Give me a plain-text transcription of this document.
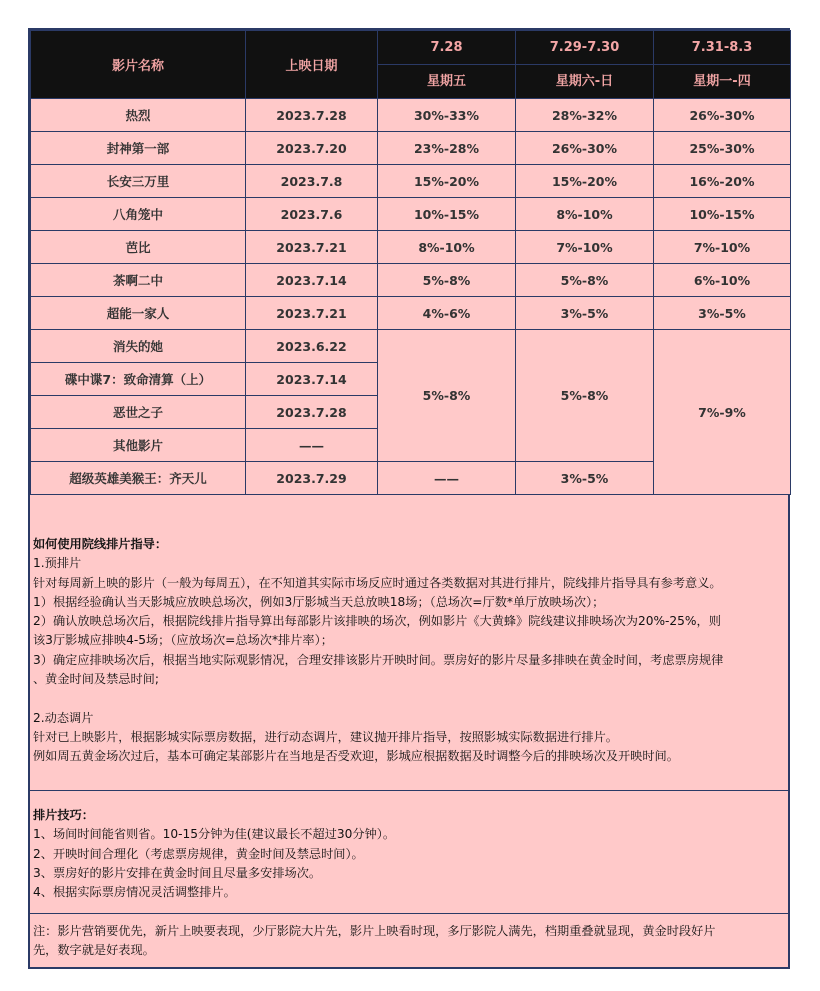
影片名称	上映日期	7.28	7.29-7.30	7.31-8.3
		星期五	星期六-日	星期一-四
热烈	2023.7.28	30%-33%	28%-32%	26%-30%
封神第一部	2023.7.20	23%-28%	26%-30%	25%-30%
长安三万里	2023.7.8	15%-20%	15%-20%	16%-20%
八角笼中	2023.7.6	10%-15%	8%-10%	10%-15%
芭比	2023.7.21	8%-10%	7%-10%	7%-10%
茶啊二中	2023.7.14	5%-8%	5%-8%	6%-10%
超能一家人	2023.7.21	4%-6%	3%-5%	3%-5%
消失的她	2023.6.22	5%-8%	5%-8%	7%-9%
碟中谍7：致命清算（上）	2023.7.14			
恶世之子	2023.7.28			
其他影片	——			
超级英雄美猴王：齐天儿	2023.7.29	——	3%-5%	

如何使用院线排片指导：

1.预排片

针对每周新上映的影片（一般为每周五），在不知道其实际市场反应时通过各类数据对其进行排片，院线排片指导具有参考意义。

1）根据经验确认当天影城应放映总场次，例如3厅影城当天总放映18场；（总场次=厅数*单厅放映场次）；

2）确认放映总场次后，根据院线排片指导算出每部影片该排映的场次，例如影片《大黄蜂》院线建议排映场次为20%-25%，则

该3厅影城应排映4-5场；（应放场次=总场次*排片率）；

3）确定应排映场次后，根据当地实际观影情况，合理安排该影片开映时间。票房好的影片尽量多排映在黄金时间，考虑票房规律

、黄金时间及禁忌时间;

2.动态调片

针对已上映影片，根据影城实际票房数据，进行动态调片，建议抛开排片指导，按照影城实际数据进行排片。

例如周五黄金场次过后，基本可确定某部影片在当地是否受欢迎，影城应根据数据及时调整今后的排映场次及开映时间。

排片技巧：

1、场间时间能省则省。10-15分钟为佳(建议最长不超过30分钟）。

2、开映时间合理化（考虑票房规律，黄金时间及禁忌时间）。

3、票房好的影片安排在黄金时间且尽量多安排场次。

4、根据实际票房情况灵活调整排片。

注：影片营销要优先，新片上映要表现，少厅影院大片先，影片上映看时现，多厅影院人满先，档期重叠就显现，黄金时段好片

先，数字就是好表现。
